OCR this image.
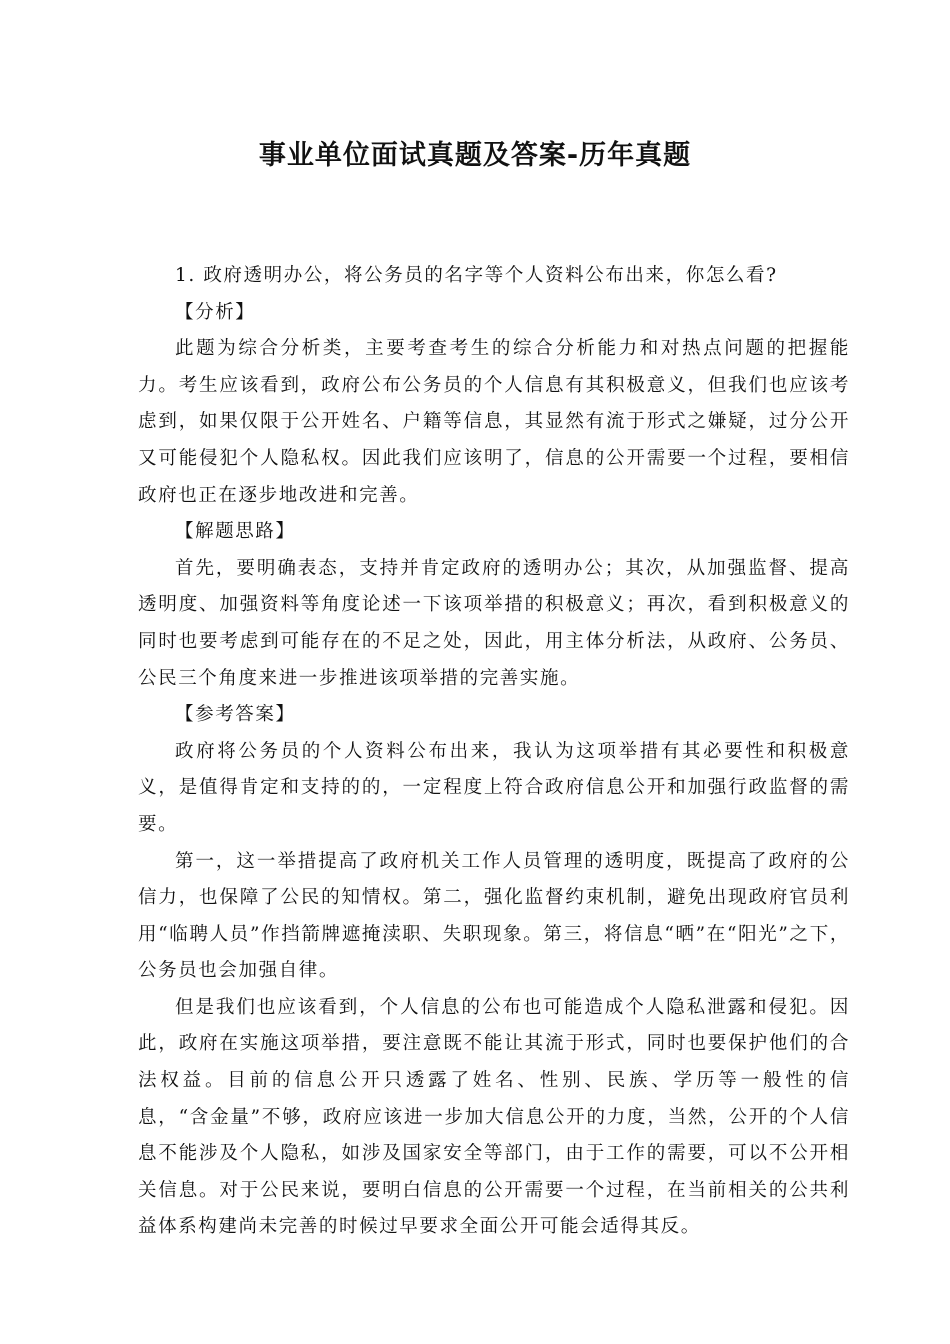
事业单位面试真题及答案-历年真题

1. 政府透明办公，将公务员的名字等个人资料公布出来，你怎么看?

【分析】

此题为综合分析类，主要考查考生的综合分析能力和对热点问题的把握能力。考生应该看到，政府公布公务员的个人信息有其积极意义，但我们也应该考虑到，如果仅限于公开姓名、户籍等信息，其显然有流于形式之嫌疑，过分公开又可能侵犯个人隐私权。因此我们应该明了，信息的公开需要一个过程，要相信政府也正在逐步地改进和完善。

【解题思路】

首先，要明确表态，支持并肯定政府的透明办公；其次，从加强监督、提高透明度、加强资料等角度论述一下该项举措的积极意义；再次，看到积极意义的同时也要考虑到可能存在的不足之处，因此，用主体分析法，从政府、公务员、公民三个角度来进一步推进该项举措的完善实施。

【参考答案】

政府将公务员的个人资料公布出来，我认为这项举措有其必要性和积极意义，是值得肯定和支持的的，一定程度上符合政府信息公开和加强行政监督的需要。

第一，这一举措提高了政府机关工作人员管理的透明度，既提高了政府的公信力，也保障了公民的知情权。第二，强化监督约束机制，避免出现政府官员利用“临聘人员”作挡箭牌遮掩渎职、失职现象。第三，将信息“晒”在“阳光”之下，公务员也会加强自律。

但是我们也应该看到，个人信息的公布也可能造成个人隐私泄露和侵犯。因此，政府在实施这项举措，要注意既不能让其流于形式，同时也要保护他们的合法权益。目前的信息公开只透露了姓名、性别、民族、学历等一般性的信息，“含金量”不够，政府应该进一步加大信息公开的力度，当然，公开的个人信息不能涉及个人隐私，如涉及国家安全等部门，由于工作的需要，可以不公开相关信息。对于公民来说，要明白信息的公开需要一个过程，在当前相关的公共利益体系构建尚未完善的时候过早要求全面公开可能会适得其反。
